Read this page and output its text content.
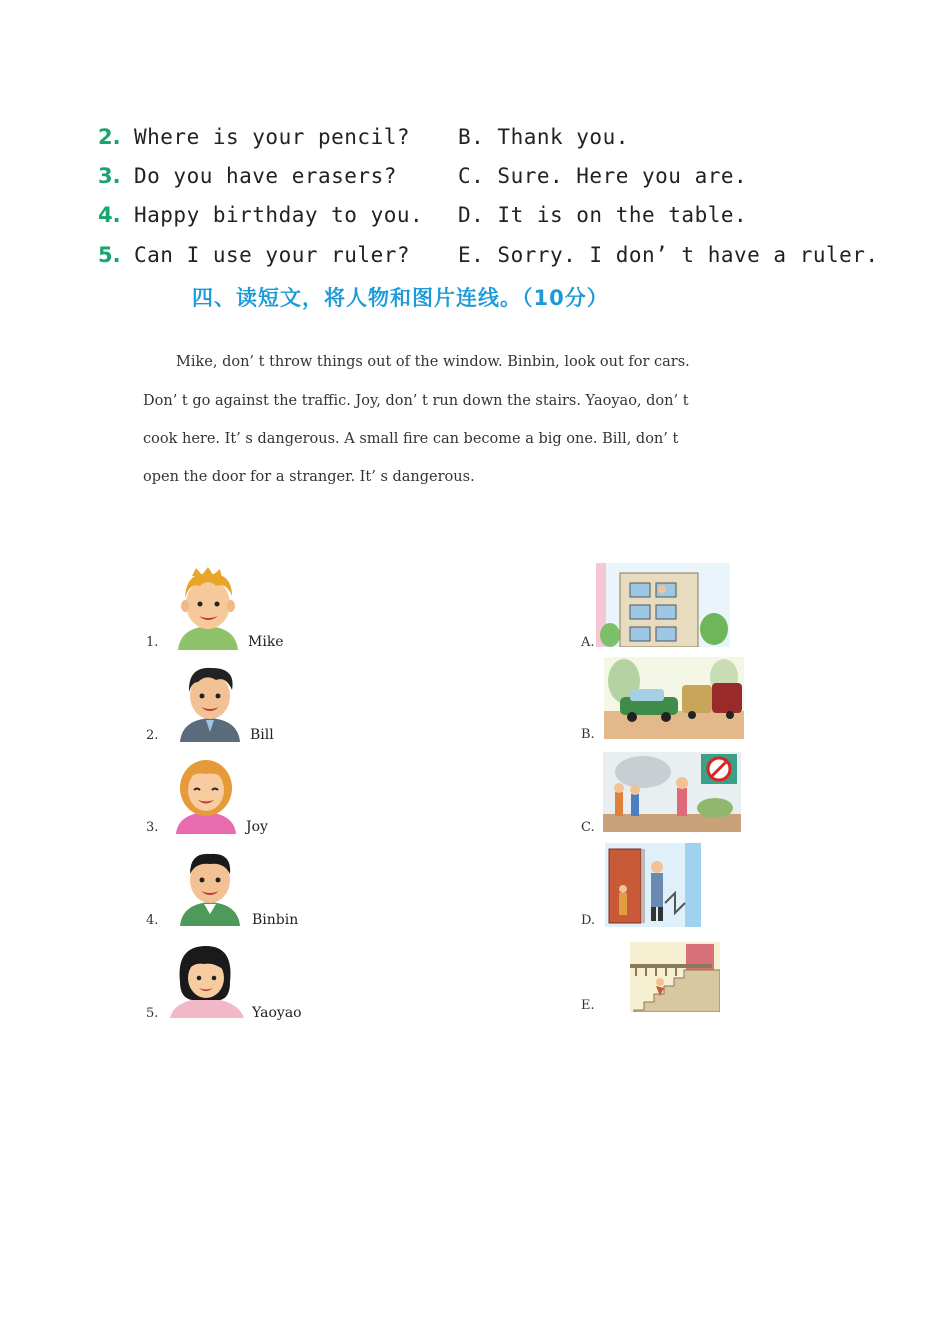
2. Where is your pencil? B. Thank you.
3. Do you have erasers?	C. Sure. Here you are.
4. Happy birthday to you. D. It is on the table.
5. Can I use your ruler? E. Sorry. I don’ t have a ruler.
四、读短文，将人物和图片连线。（10分）
Mike, don’ t throw things out of the window. Binbin, look out for cars.
Don’ t go against the traffic. Joy, don’ t run down the stairs. Yaoyao, don’ t
cook here. It’ s dangerous. A small fire can become a big one. Bill, don’ t
open the door for a stranger. It’ s dangerous.
1.	Mike
2.	Bill
3.	Joy
4.	Binbin
5.	Yaoyao
A.
B.
C.
D.
E.
